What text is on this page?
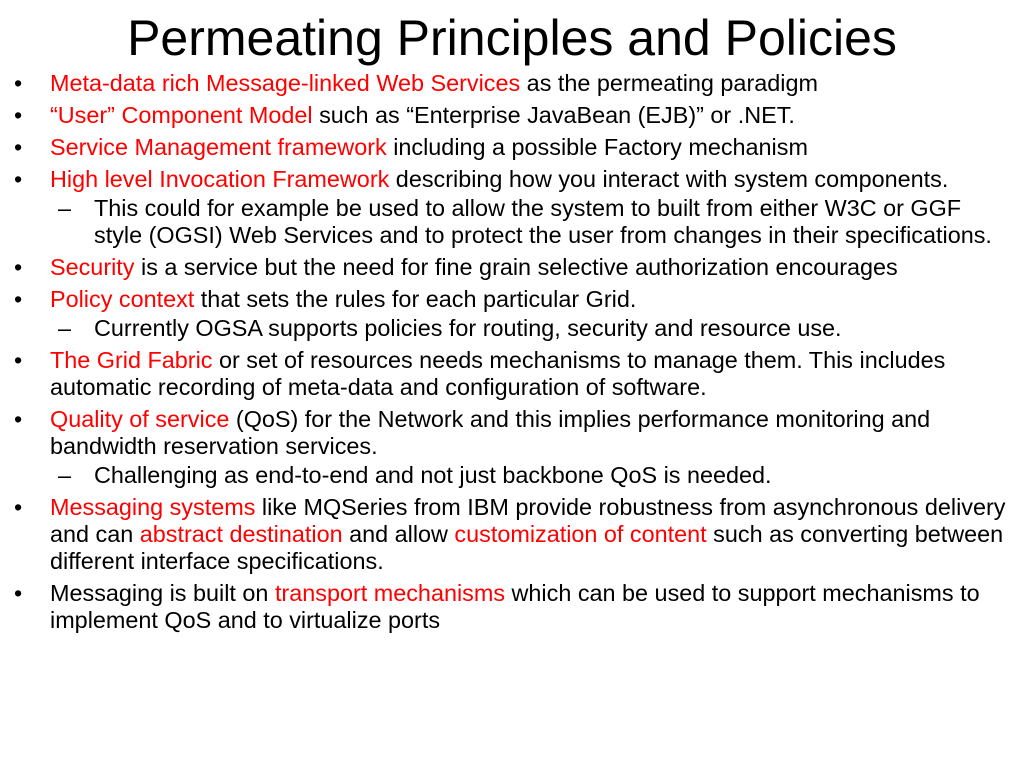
Permeating Principles and Policies
• Meta-data rich Message-linked Web Services as the permeating paradigm
• “User” Component Model such as “Enterprise JavaBean (EJB)” or .NET.
• Service Management framework including a possible Factory mechanism
• High level Invocation Framework describing how you interact with system components.
– This could for example be used to allow the system to built from either W3C or GGF style (OGSI) Web Services and to protect the user from changes in their specifications.
• Security is a service but the need for fine grain selective authorization encourages
• Policy context that sets the rules for each particular Grid.
– Currently OGSA supports policies for routing, security and resource use.
• The Grid Fabric or set of resources needs mechanisms to manage them. This includes automatic recording of meta-data and configuration of software.
• Quality of service (QoS) for the Network and this implies performance monitoring and bandwidth reservation services.
– Challenging as end-to-end and not just backbone QoS is needed.
• Messaging systems like MQSeries from IBM provide robustness from asynchronous delivery and can abstract destination and allow customization of content such as converting between different interface specifications.
• Messaging is built on transport mechanisms which can be used to support mechanisms to implement QoS and to virtualize ports
